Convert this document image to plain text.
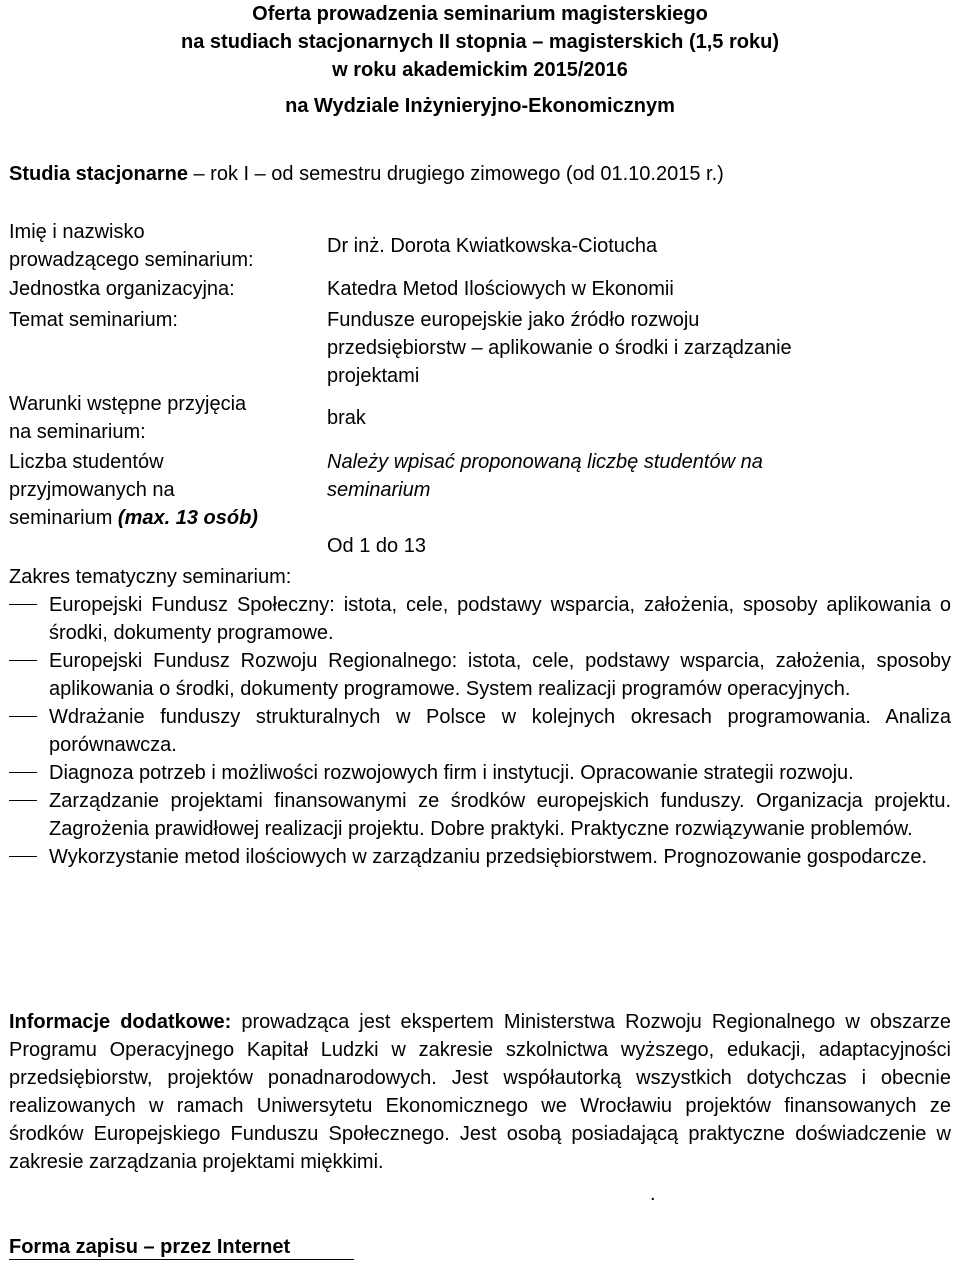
Oferta prowadzenia seminarium magisterskiego
na studiach stacjonarnych II stopnia – magisterskich (1,5 roku)
w roku akademickim 2015/2016
na Wydziale Inżynieryjno-Ekonomicznym
Studia stacjonarne – rok I – od semestru drugiego zimowego (od 01.10.2015 r.)
Imię i nazwisko
prowadzącego seminarium:
Dr inż. Dorota Kwiatkowska-Ciotucha
Jednostka organizacyjna:	Katedra Metod Ilościowych w Ekonomii
Temat seminarium:	Fundusze europejskie jako źródło rozwoju
przedsiębiorstw – aplikowanie o środki i zarządzanie
projektami
Warunki wstępne przyjęcia
na seminarium:
brak
Liczba studentów
przyjmowanych na
seminarium (max. 13 osób)
Należy wpisać proponowaną liczbę studentów na
seminarium
Od 1 do 13
Zakres tematyczny seminarium:
Europejski Fundusz Społeczny: istota, cele, podstawy wsparcia, założenia, sposoby aplikowania o środki, dokumenty programowe.
Europejski Fundusz Rozwoju Regionalnego: istota, cele, podstawy wsparcia, założenia, sposoby aplikowania o środki, dokumenty programowe. System realizacji programów operacyjnych.
Wdrażanie funduszy strukturalnych w Polsce w kolejnych okresach programowania. Analiza porównawcza.
Diagnoza potrzeb i możliwości rozwojowych firm i instytucji. Opracowanie strategii rozwoju.
Zarządzanie projektami finansowanymi ze środków europejskich funduszy. Organizacja projektu. Zagrożenia prawidłowej realizacji projektu. Dobre praktyki. Praktyczne rozwiązywanie problemów.
Wykorzystanie metod ilościowych w zarządzaniu przedsiębiorstwem. Prognozowanie gospodarcze.
Informacje dodatkowe: prowadząca jest ekspertem Ministerstwa Rozwoju Regionalnego w obszarze Programu Operacyjnego Kapitał Ludzki w zakresie szkolnictwa wyższego, edukacji, adaptacyjności przedsiębiorstw, projektów ponadnarodowych. Jest współautorką wszystkich dotychczas i obecnie realizowanych w ramach Uniwersytetu Ekonomicznego we Wrocławiu projektów finansowanych ze środków Europejskiego Funduszu Społecznego. Jest osobą posiadającą praktyczne doświadczenie w zakresie zarządzania projektami miękkimi.
.
Forma zapisu – przez Internet
